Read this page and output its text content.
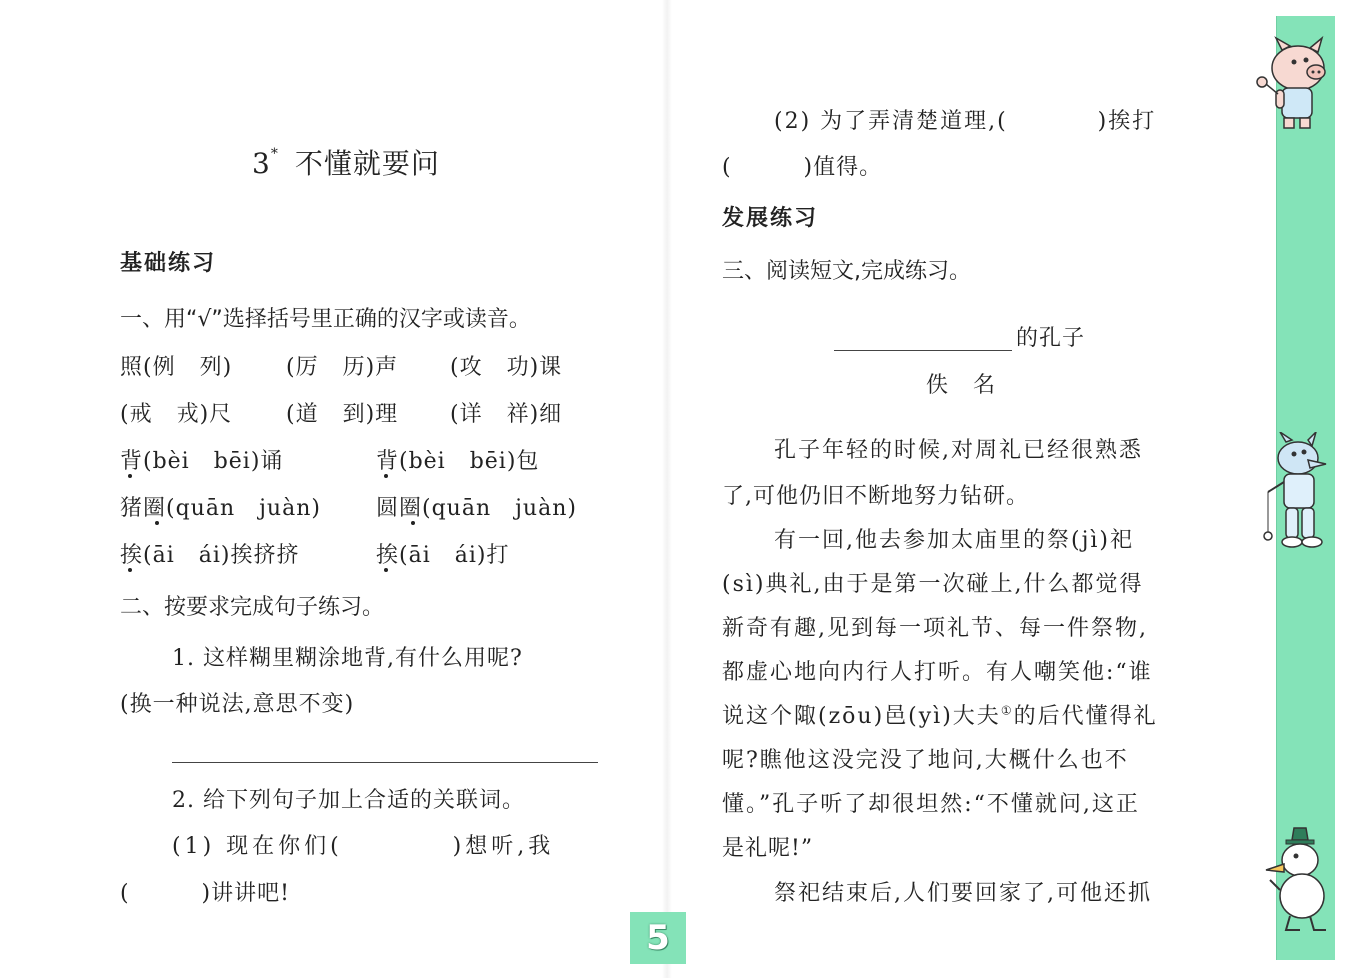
3* 不懂就要问
基础练习
一、用“√”选择括号里正确的汉字或读音。
照(例   列) (厉   历)声 (攻   功)课
(戒   戎)尺 (道   到)理 (详   祥)细
背(bèi   bēi)诵	背(bèi   bēi)包
猪圈(quān   juàn)	圆圈(quān   juàn)
挨(āi   ái)挨挤挤	挨(āi   ái)打
二、按要求完成句子练习。
1. 这样糊里糊涂地背,有什么用呢?
(换一种说法,意思不变)
2. 给下列句子加上合适的关联词。
(1) 现在你们(          )想听,我
(         )讲讲吧!
(2) 为了弄清楚道理,(          )挨打
(         )值得。
发展练习
三、阅读短文,完成练习。
的孔子
佚   名
孔子年轻的时候,对周礼已经很熟悉
了,可他仍旧不断地努力钻研。
有一回,他去参加太庙里的祭(jì)祀
(sì)典礼,由于是第一次碰上,什么都觉得
新奇有趣,见到每一项礼节、每一件祭物,
都虚心地向内行人打听。有人嘲笑他:“谁
说这个陬(zōu)邑(yì)大夫①的后代懂得礼
呢?瞧他这没完没了地问,大概什么也不
懂。”孔子听了却很坦然:“不懂就问,这正
是礼呢!”
祭祀结束后,人们要回家了,可他还抓
5
